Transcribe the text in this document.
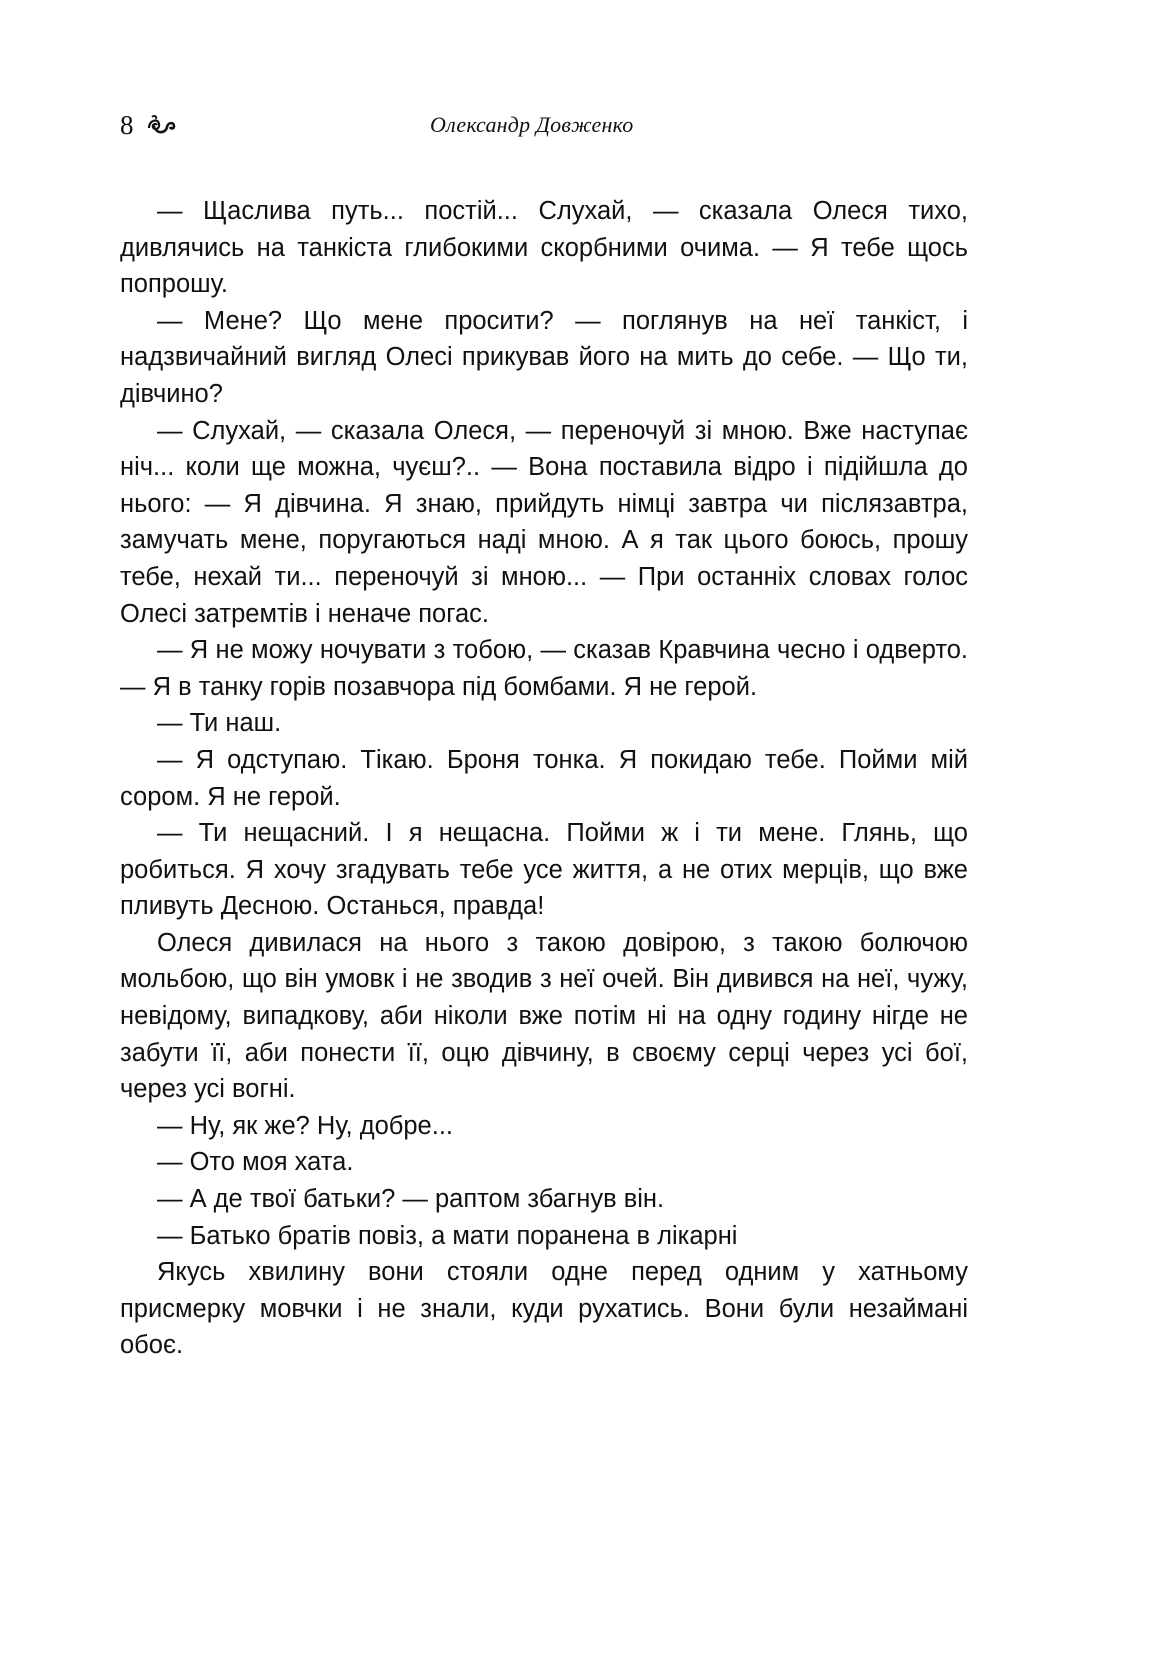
8	Олександр Довженко

— Щаслива путь... постій... Слухай, — сказала Олеся тихо, дивлячись на танкіста глибокими скорбними очима. — Я тебе щось попрошу.

— Мене? Що мене просити? — поглянув на неї танкіст, і надзвичайний вигляд Олесі прикував його на мить до себе. — Що ти, дівчино?

— Слухай, — сказала Олеся, — переночуй зі мною. Вже наступає ніч... коли ще можна, чуєш?.. — Вона поставила відро і підійшла до нього: — Я дівчина. Я знаю, прийдуть німці завтра чи післязавтра, замучать мене, поругаються наді мною. А я так цього боюсь, прошу тебе, нехай ти... переночуй зі мною... — При останніх словах голос Олесі затремтів і неначе погас.

— Я не можу ночувати з тобою, — сказав Кравчина чесно і одверто. — Я в танку горів позавчора під бомбами. Я не герой.

— Ти наш.

— Я одступаю. Тікаю. Броня тонка. Я покидаю тебе. Пойми мій сором. Я не герой.

— Ти нещасний. І я нещасна. Пойми ж і ти мене. Глянь, що робиться. Я хочу згадувать тебе усе життя, а не отих мерців, що вже пливуть Десною. Останься, правда!

Олеся дивилася на нього з такою довірою, з такою болючою мольбою, що він умовк і не зводив з неї очей. Він дивився на неї, чужу, невідому, випадкову, аби ніколи вже потім ні на одну годину нігде не забути її, аби понести її, оцю дівчину, в своєму серці через усі бої, через усі вогні.

— Ну, як же? Ну, добре...

— Ото моя хата.

— А де твої батьки? — раптом збагнув він.

— Батько братів повіз, а мати поранена в лікарні

Якусь хвилину вони стояли одне перед одним у хатньому присмерку мовчки і не знали, куди рухатись. Вони були незаймані обоє.
